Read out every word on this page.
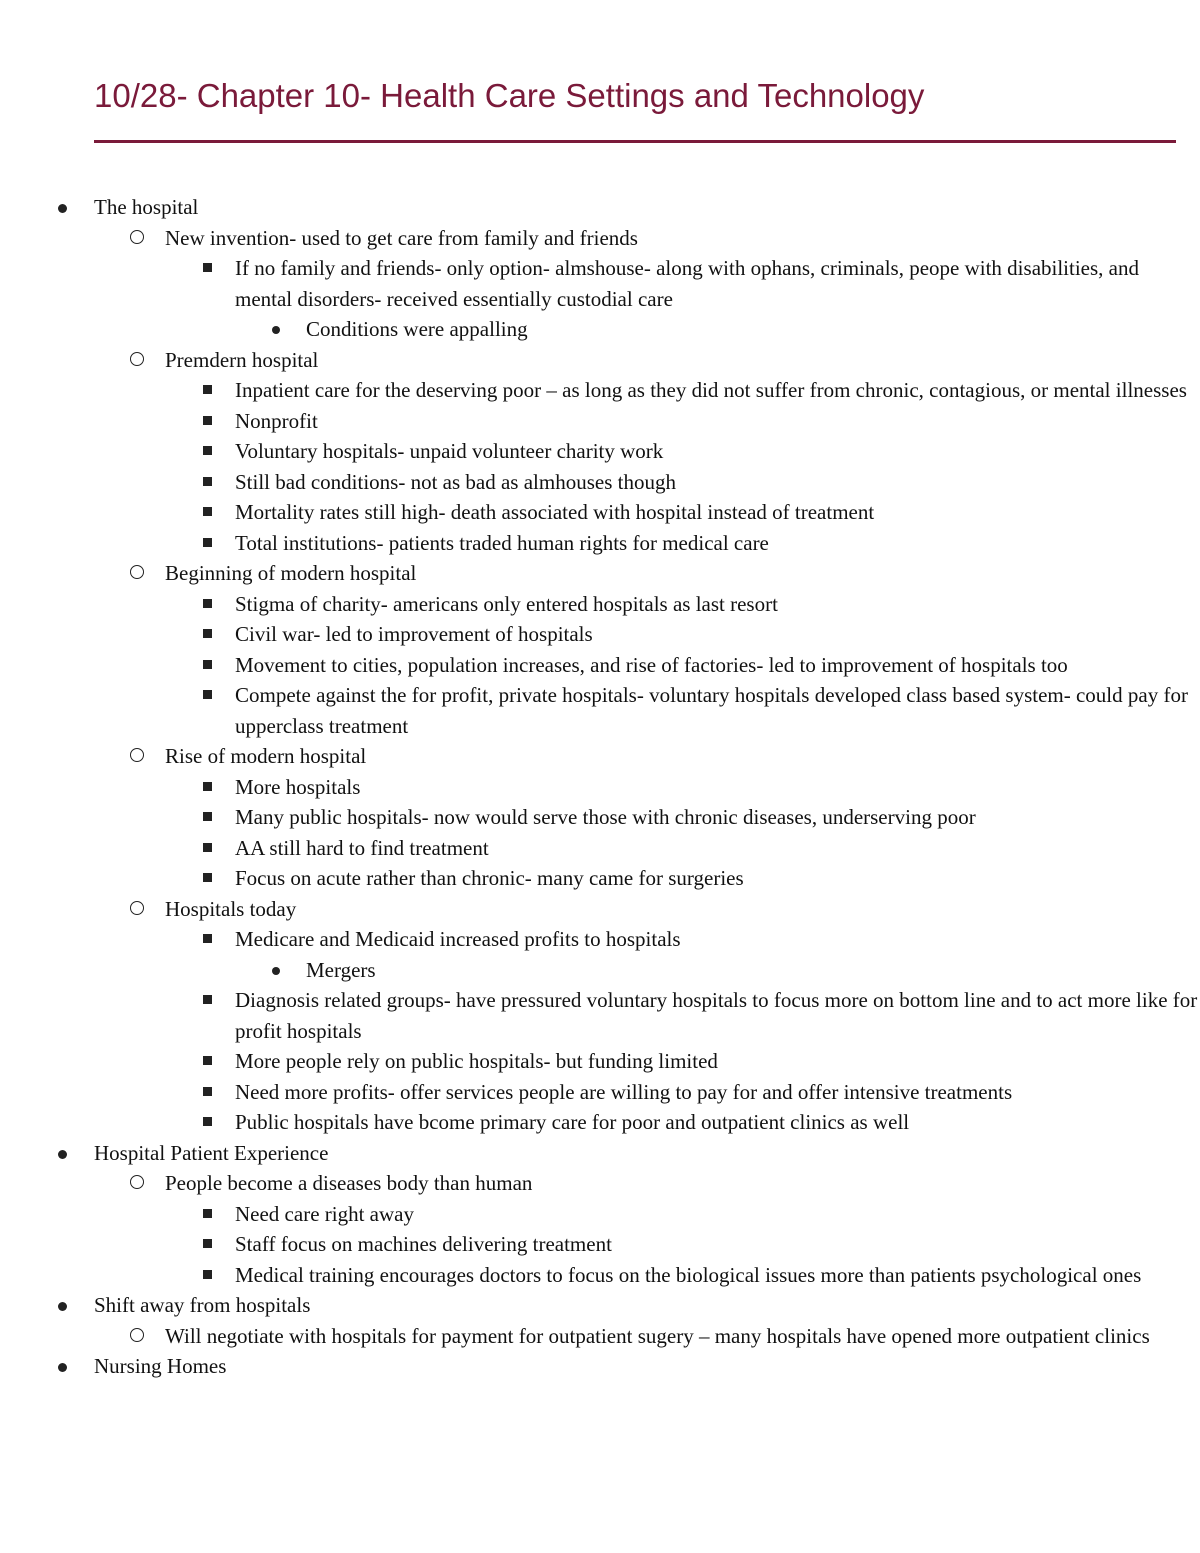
10/28- Chapter 10- Health Care Settings and Technology
The hospital
New invention- used to get care from family and friends
If no family and friends- only option- almshouse- along with ophans, criminals, peope with disabilities, and mental disorders- received essentially custodial care
Conditions were appalling
Premdern hospital
Inpatient care for the deserving poor – as long as they did not suffer from chronic, contagious, or mental illnesses
Nonprofit
Voluntary hospitals- unpaid volunteer charity work
Still bad conditions- not as bad as almhouses though
Mortality rates still high- death associated with hospital instead of treatment
Total institutions- patients traded human rights for medical care
Beginning of modern hospital
Stigma of charity- americans only entered hospitals as last resort
Civil war- led to improvement of hospitals
Movement to cities, population increases, and rise of factories- led to improvement of hospitals too
Compete against the for profit, private hospitals- voluntary hospitals developed class based system- could pay for upperclass treatment
Rise of modern hospital
More hospitals
Many public hospitals- now would serve those with chronic diseases, underserving poor
AA still hard to find treatment
Focus on acute rather than chronic- many came for surgeries
Hospitals today
Medicare and Medicaid increased profits to hospitals
Mergers
Diagnosis related groups- have pressured voluntary hospitals to focus more on bottom line and to act more like for profit hospitals
More people rely on public hospitals- but funding limited
Need more profits- offer services people are willing to pay for and offer intensive treatments
Public hospitals have bcome primary care for poor and outpatient clinics as well
Hospital Patient Experience
People become a diseases body than human
Need care right away
Staff focus on machines delivering treatment
Medical training encourages doctors to focus on the biological issues more than patients psychological ones
Shift away from hospitals
Will negotiate with hospitals for payment for outpatient sugery – many hospitals have opened more outpatient clinics
Nursing Homes
